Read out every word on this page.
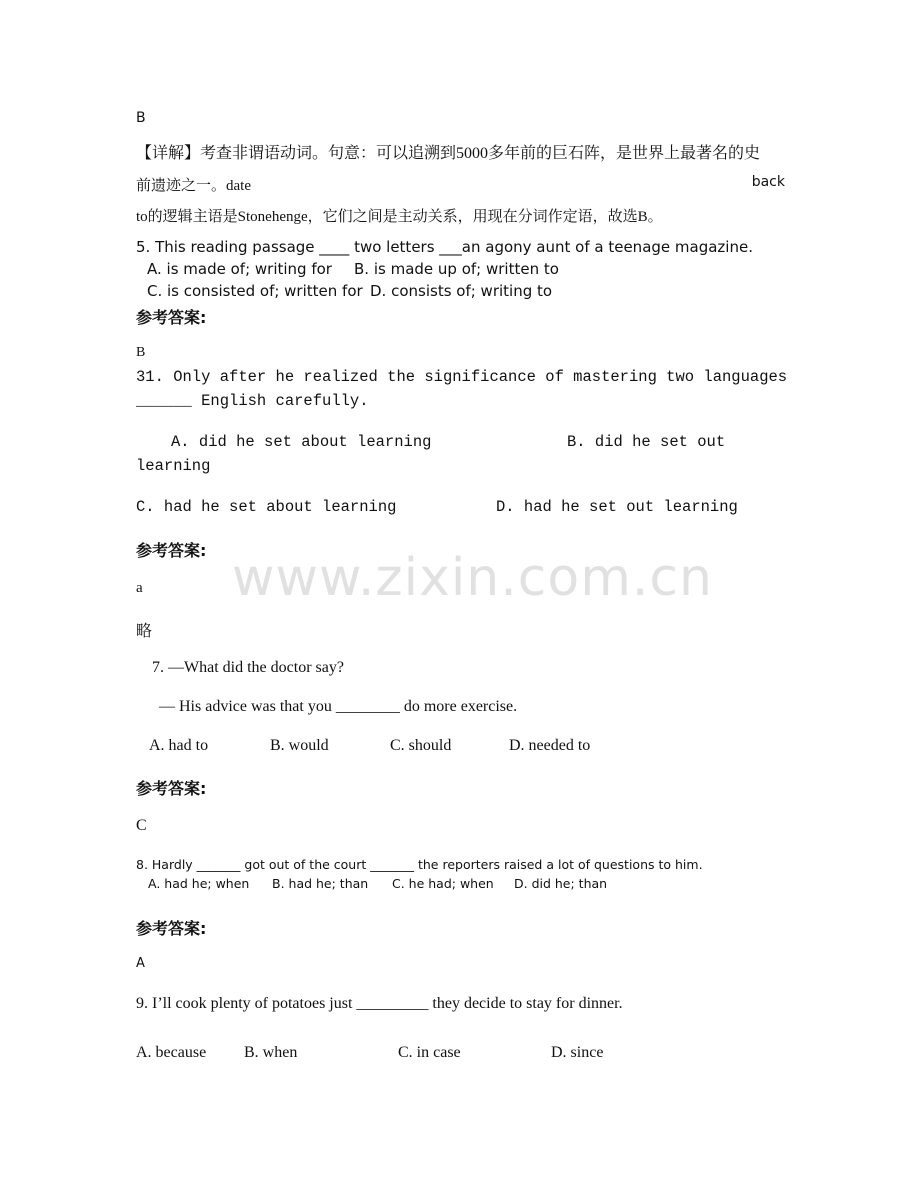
www.zixin.com.cn
B
【详解】考查非谓语动词。句意：可以追溯到5000多年前的巨石阵，是世界上最著名的史
前遗迹之一。date	back
to的逻辑主语是Stonehenge，它们之间是主动关系，用现在分词作定语，故选B。
5. This reading passage ____ two letters ___an agony aunt of a teenage magazine.
A. is made of; writing for B. is made up of; written to
C. is consisted of; written for D. consists of; writing to
参考答案:
B
31. Only after he realized the significance of mastering two languages
______ English carefully.
A. did he set about learning	B. did he set out
learning
C. had he set about learning	D. had he set out learning
参考答案:
a
略
7. —What did the doctor say?
— His advice was that you ________ do more exercise.
A. had to	B. would	C. should	D. needed to
参考答案:
C
8. Hardly _______ got out of the court _______ the reporters raised a lot of questions to him.
A. had he; when B. had he; than C. he had; when D. did he; than
参考答案:
A
9. I’ll cook plenty of potatoes just _________ they decide to stay for dinner.
A. because B. when	C. in case	D. since
